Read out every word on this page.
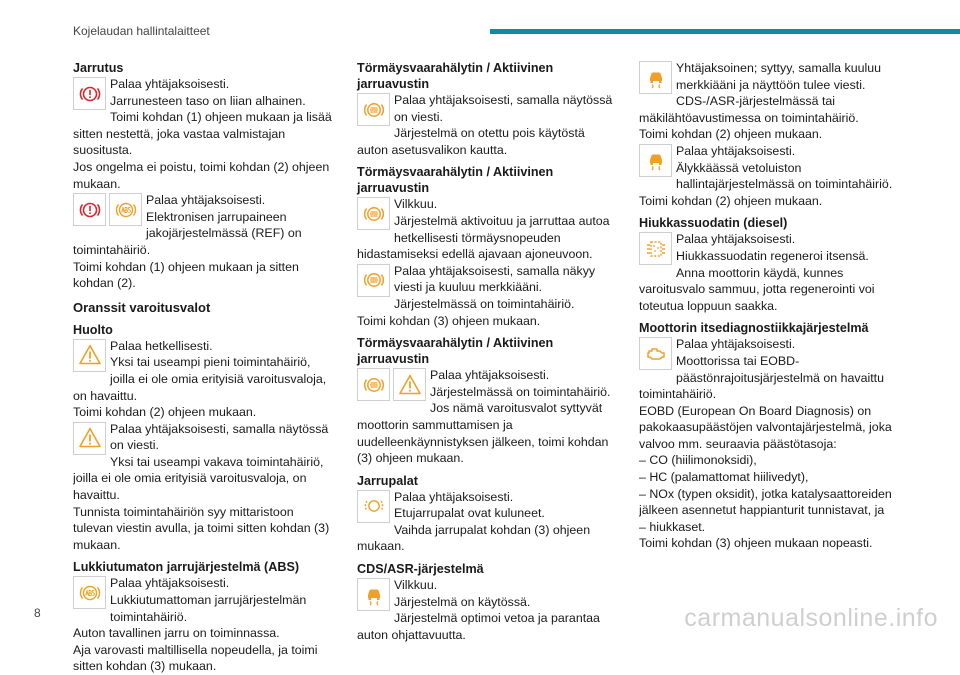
Kojelaudan hallintalaitteet
Jarrutus

Palaa yhtäjaksoisesti.

Jarrunesteen taso on liian alhainen.

Toimi kohdan (1) ohjeen mukaan ja lisää sitten nestettä, joka vastaa valmistajan suositusta.

Jos ongelma ei poistu, toimi kohdan (2) ohjeen mukaan.

Palaa yhtäjaksoisesti.

Elektronisen jarrupaineen jakojärjestelmässä (REF) on toimintahäiriö.

Toimi kohdan (1) ohjeen mukaan ja sitten kohdan (2).

Oranssit varoitusvalot
Huolto

Palaa hetkellisesti.

Yksi tai useampi pieni toimintahäiriö, joilla ei ole omia erityisiä varoitusvaloja, on havaittu.

Toimi kohdan (2) ohjeen mukaan.

Palaa yhtäjaksoisesti, samalla näytössä on viesti.

Yksi tai useampi vakava toimintahäiriö, joilla ei ole omia erityisiä varoitusvaloja, on havaittu.

Tunnista toimintahäiriön syy mittaristoon tulevan viestin avulla, ja toimi sitten kohdan (3) mukaan.

Lukkiutumaton jarrujärjestelmä (ABS)

Palaa yhtäjaksoisesti.

Lukkiutumattoman jarrujärjestelmän toimintahäiriö.

Auton tavallinen jarru on toiminnassa.

Aja varovasti maltillisella nopeudella, ja toimi sitten kohdan (3) mukaan.

Törmäysvaarahälytin / Aktiivinen jarruavustin

Palaa yhtäjaksoisesti, samalla näytössä on viesti.

Järjestelmä on otettu pois käytöstä auton asetusvalikon kautta.

Törmäysvaarahälytin / Aktiivinen jarruavustin

Vilkkuu.

Järjestelmä aktivoituu ja jarruttaa autoa hetkellisesti törmäysnopeuden hidastamiseksi edellä ajavaan ajoneuvoon.

Palaa yhtäjaksoisesti, samalla näkyy viesti ja kuuluu merkkiääni.

Järjestelmässä on toimintahäiriö.

Toimi kohdan (3) ohjeen mukaan.

Törmäysvaarahälytin / Aktiivinen jarruavustin

Palaa yhtäjaksoisesti.

Järjestelmässä on toimintahäiriö.

Jos nämä varoitusvalot syttyvät moottorin sammuttamisen ja uudelleenkäynnistyksen jälkeen, toimi kohdan (3) ohjeen mukaan.

Jarrupalat

Palaa yhtäjaksoisesti.

Etujarrupalat ovat kuluneet.

Vaihda jarrupalat kohdan (3) ohjeen mukaan.

CDS/ASR-järjestelmä

Vilkkuu.

Järjestelmä on käytössä.

Järjestelmä optimoi vetoa ja parantaa auton ohjattavuutta.

Yhtäjaksoinen; syttyy, samalla kuuluu merkkiääni ja näyttöön tulee viesti.

CDS-/ASR-järjestelmässä tai mäkilähtöavustimessa on toimintahäiriö.

Toimi kohdan (2) ohjeen mukaan.

Palaa yhtäjaksoisesti.

Älykkäässä vetoluiston hallintajärjestelmässä on toimintahäiriö.

Toimi kohdan (2) ohjeen mukaan.

Hiukkassuodatin (diesel)

Palaa yhtäjaksoisesti.

Hiukkassuodatin regeneroi itsensä.

Anna moottorin käydä, kunnes varoitusvalo sammuu, jotta regenerointi voi toteutua loppuun saakka.

Moottorin itsediagnostiikkajärjestelmä

Palaa yhtäjaksoisesti.

Moottorissa tai EOBD-päästönrajoitusjärjestelmä on havaittu toimintahäiriö.

EOBD (European On Board Diagnosis) on pakokaasupäästöjen valvontajärjestelmä, joka valvoo mm. seuraavia päästötasoja:

– CO (hiilimonoksidi),

– HC (palamattomat hiilivedyt),

– NOx (typen oksidit), jotka katalysaattoreiden jälkeen asennetut happianturit tunnistavat, ja

– hiukkaset.

Toimi kohdan (3) ohjeen mukaan nopeasti.

8	carmanualsonline.info
